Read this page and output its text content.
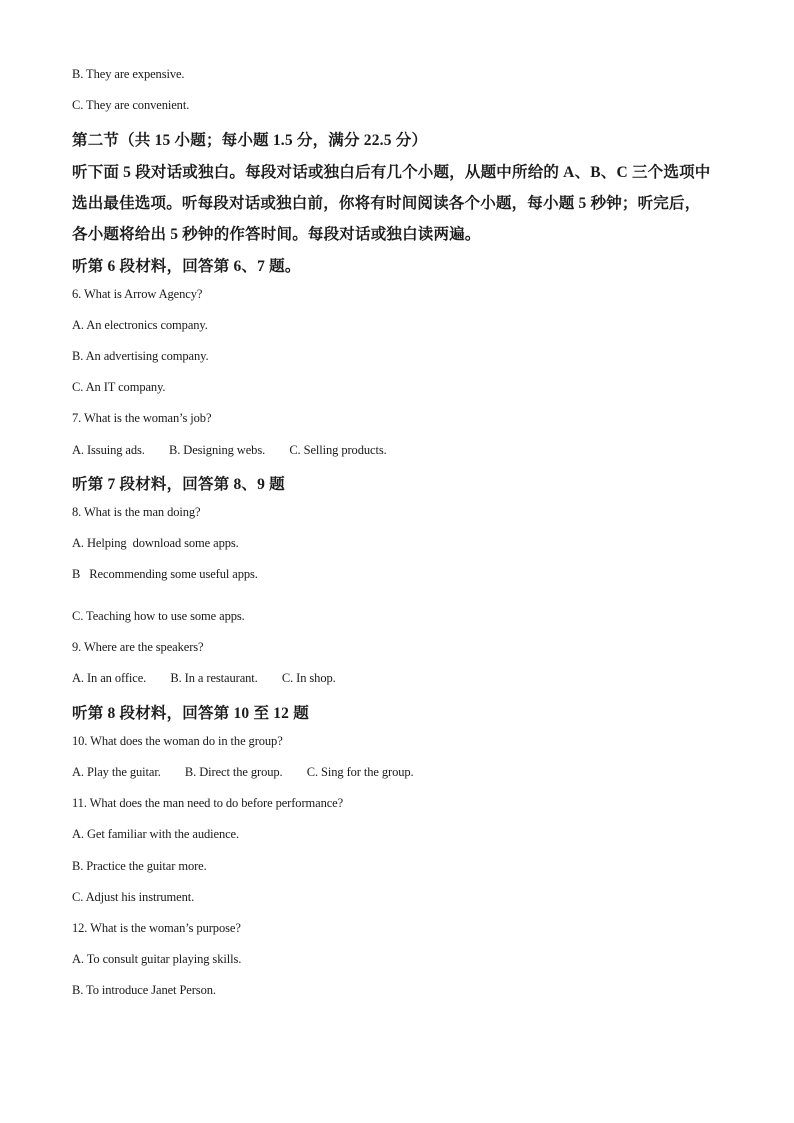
B. They are expensive.
C. They are convenient.
第二节（共 15 小题；每小题 1.5 分，满分 22.5 分）
听下面 5 段对话或独白。每段对话或独白后有几个小题，从题中所给的 A、B、C 三个选项中
选出最佳选项。听每段对话或独白前，你将有时间阅读各个小题，每小题 5 秒钟；听完后，
各小题将给出 5 秒钟的作答时间。每段对话或独白读两遍。
听第 6 段材料，回答第 6、7 题。
6. What is Arrow Agency?
A. An electronics company.
B. An advertising company.
C. An IT company.
7. What is the woman’s job?
A. Issuing ads.        B. Designing webs.        C. Selling products.
听第 7 段材料，回答第 8、9 题
8. What is the man doing?
A. Helping  download some apps.
B   Recommending some useful apps.
C. Teaching how to use some apps.
9. Where are the speakers?
A. In an office.        B. In a restaurant.        C. In shop.
听第 8 段材料，回答第 10 至 12 题
10. What does the woman do in the group?
A. Play the guitar.        B. Direct the group.        C. Sing for the group.
11. What does the man need to do before performance?
A. Get familiar with the audience.
B. Practice the guitar more.
C. Adjust his instrument.
12. What is the woman’s purpose?
A. To consult guitar playing skills.
B. To introduce Janet Person.
